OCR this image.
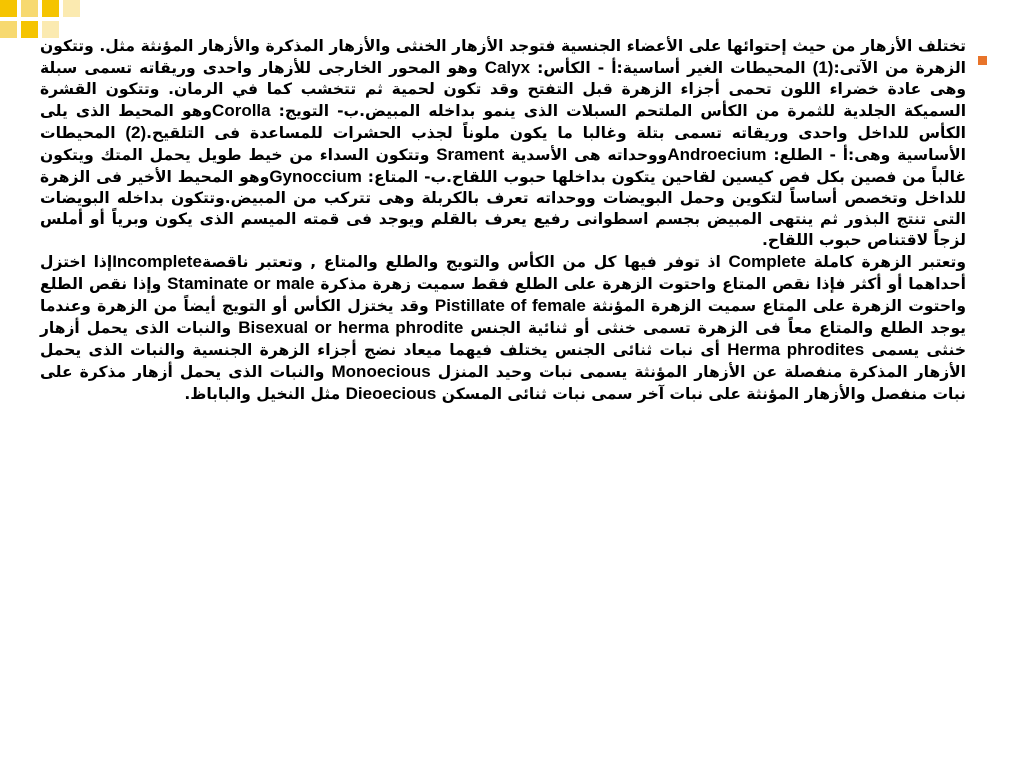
تختلف الأزهار من حيث إحتوائها على الأعضاء الجنسية فتوجد الأزهار الخنثى والأزهار المذكرة والأزهار المؤنثة مثل. وتتكون الزهرة من الآتى:(1) المحيطات الغير أساسية:أ - الكأس: Calyx وهو المحور الخارجى للأزهار واحدى وريقاته تسمى سبلة وهى عادة خضراء اللون تحمى أجزاء الزهرة قبل التفتح وقد تكون لحمية ثم تتخشب كما في الرمان. وتتكون القشرة السميكة الجلدية للثمرة من الكأس الملتحم السبلات الذى ينمو بداخله المبيض.ب- التويج: Corollaوهو المحيط الذى يلى الكأس للداخل واحدى وريقاته تسمى بتلة وغالبا ما يكون ملوناً لجذب الحشرات للمساعدة فى التلقيح.(2) المحيطات الأساسية وهى:أ - الطلع: Androeciumووحداته هى الأسدية Srament وتتكون السداء من خيط طويل يحمل المتك ويتكون غالباً من فصين بكل فص كيسين لقاحين يتكون بداخلها حبوب اللقاح.ب- المتاع: Gynocciumوهو المحيط الأخير فى الزهرة للداخل وتخصص أساساً لتكوين وحمل البويضات ووحداته تعرف بالكربلة وهى تتركب من المبيض.وتتكون بداخله البويضات التى تنتج البذور ثم ينتهى المبيض بجسم اسطوانى رفيع يعرف بالقلم ويوجد فى قمته الميسم الذى يكون وبرياً أو أملس لزجاً لاقتناص حبوب اللقاح.

وتعتبر الزهرة كاملة Complete اذ توفر فيها كل من الكأس والتويج والطلع والمتاع , وتعتبر ناقصةIncompleteإذا اختزل أحداهما أو أكثر فإذا نقص المتاع واحتوت الزهرة على الطلع فقط سميت زهرة مذكرة Staminate or male وإذا نقص الطلع واحتوت الزهرة على المتاع سميت الزهرة المؤنثة Pistillate of female وقد يختزل الكأس أو التويج أيضاً من الزهرة وعندما يوجد الطلع والمتاع معاً فى الزهرة تسمى خنثى أو ثنائية الجنس Bisexual or herma phrodite والنبات الذى يحمل أزهار خنثى يسمى Herma phrodites أى نبات ثنائى الجنس يختلف فيهما ميعاد نضج أجزاء الزهرة الجنسية والنبات الذى يحمل الأزهار المذكرة منفصلة عن الأزهار المؤنثة يسمى نبات وحيد المنزل Monoecious والنبات الذى يحمل أزهار مذكرة على نبات منفصل والأزهار المؤنثة على نبات آخر سمى نبات ثنائى المسكن Dieoecious مثل النخيل والباباظ.
